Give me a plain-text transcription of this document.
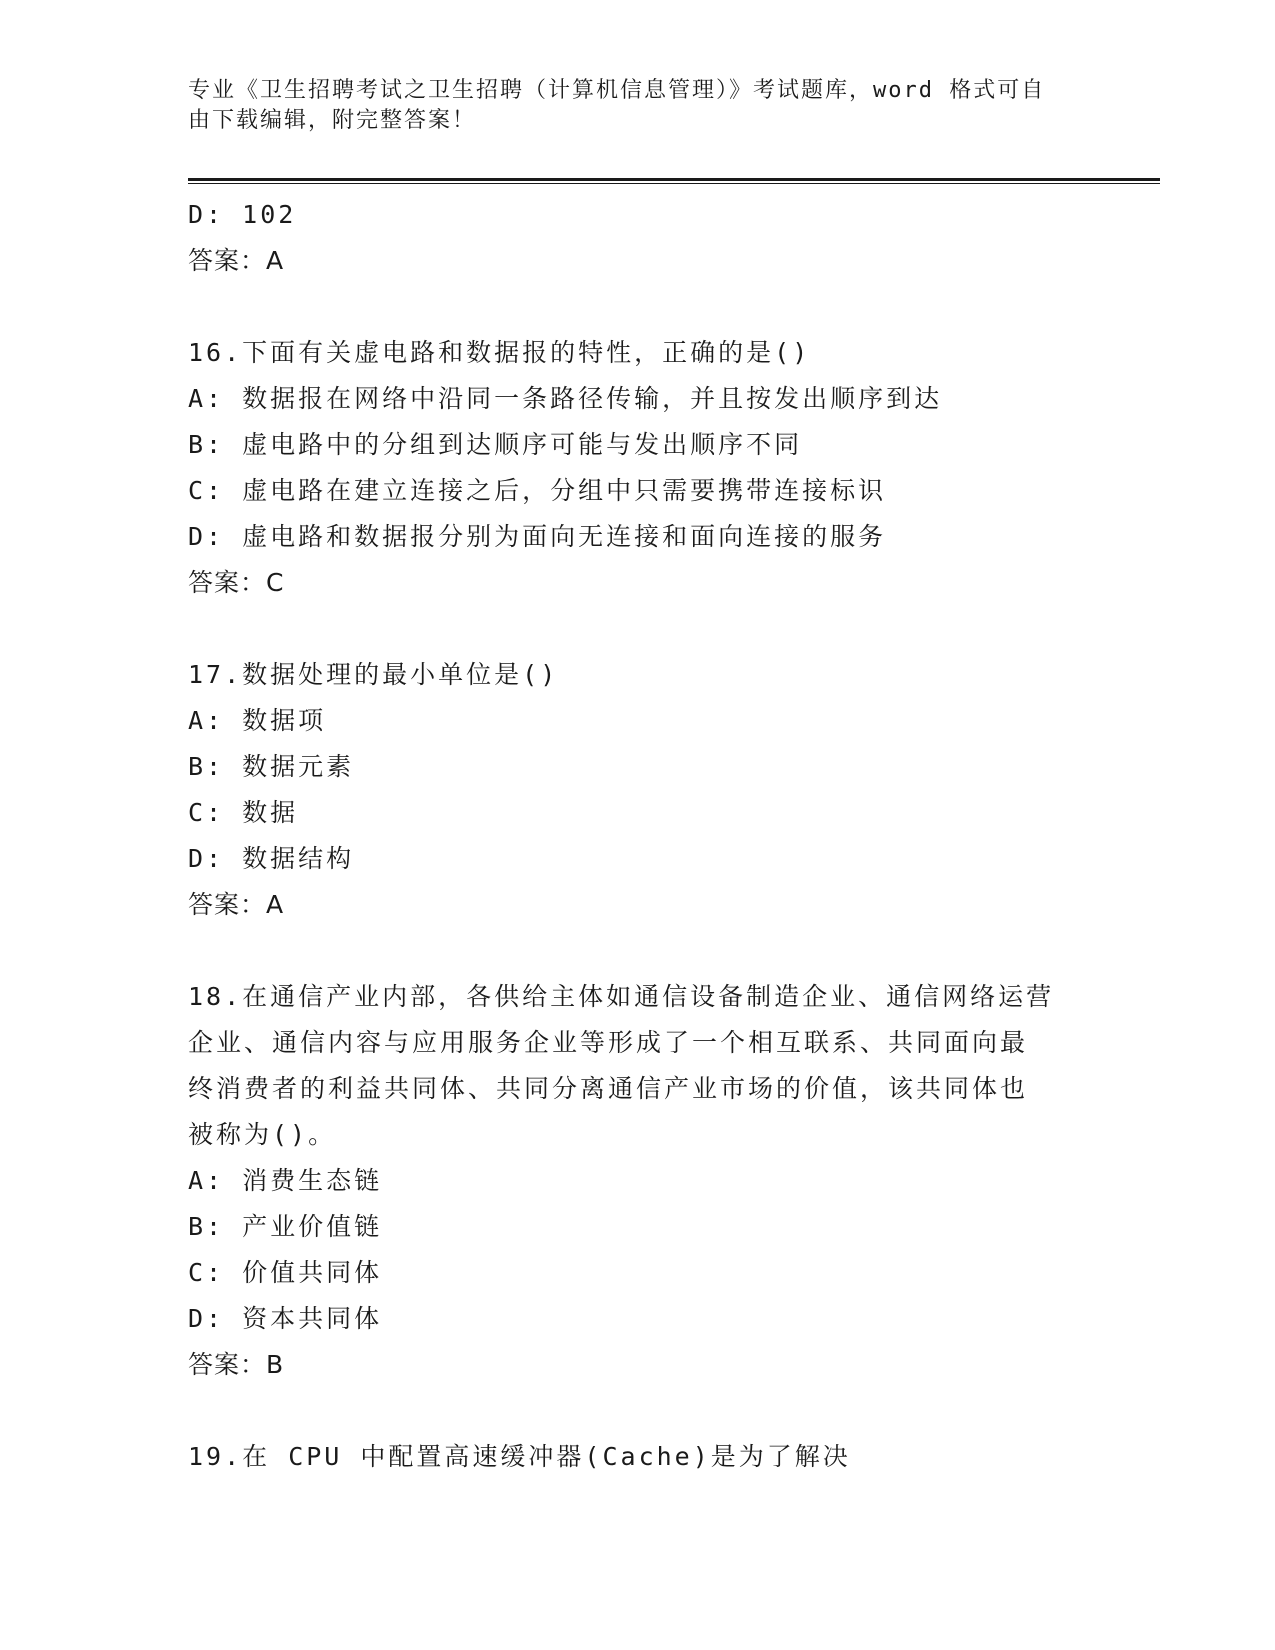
专业《卫生招聘考试之卫生招聘（计算机信息管理）》考试题库，word 格式可自
由下载编辑，附完整答案！
D: 102
答案：A
16.下面有关虚电路和数据报的特性，正确的是()
A: 数据报在网络中沿同一条路径传输，并且按发出顺序到达
B: 虚电路中的分组到达顺序可能与发出顺序不同
C: 虚电路在建立连接之后，分组中只需要携带连接标识
D: 虚电路和数据报分别为面向无连接和面向连接的服务
答案：C
17.数据处理的最小单位是()
A: 数据项
B: 数据元素
C: 数据
D: 数据结构
答案：A
18.在通信产业内部，各供给主体如通信设备制造企业、通信网络运营
企业、通信内容与应用服务企业等形成了一个相互联系、共同面向最
终消费者的利益共同体、共同分离通信产业市场的价值，该共同体也
被称为()。
A: 消费生态链
B: 产业价值链
C: 价值共同体
D: 资本共同体
答案：B
19.在 CPU 中配置高速缓冲器(Cache)是为了解决
